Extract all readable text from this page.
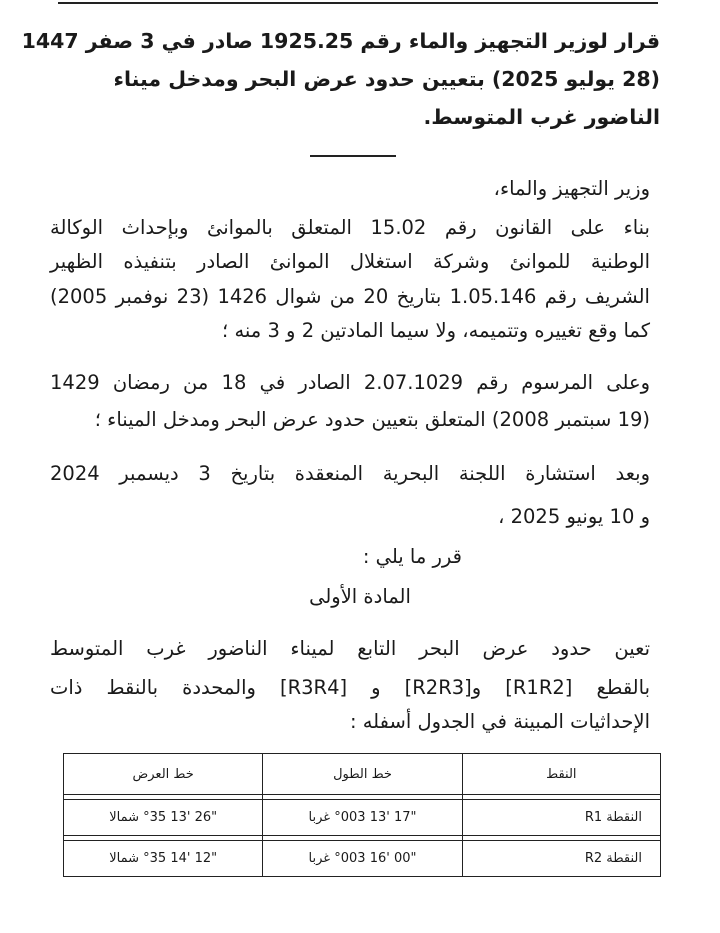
قرار لوزير التجهيز والماء رقم 1925.25 صادر في 3 صفر 1447
(28 يوليو 2025) بتعيين حدود عرض البحر ومدخل ميناء
الناضور غرب المتوسط.

وزير التجهيز والماء،

بناء على القانون رقم 15.02 المتعلق بالموانئ وبإحداث الوكالة

الوطنية للموانئ وشركة استغلال الموانئ الصادر بتنفيذه الظهير

الشريف رقم 1.05.146 بتاريخ 20 من شوال 1426 (23 نوفمبر 2005)

كما وقع تغييره وتتميمه، ولا سيما المادتين 2 و 3 منه ؛

وعلى المرسوم رقم 2.07.1029 الصادر في 18 من رمضان 1429

(19 سبتمبر 2008) المتعلق بتعيين حدود عرض البحر ومدخل الميناء ؛

وبعد استشارة اللجنة البحرية المنعقدة بتاريخ 3 ديسمبر 2024

و 10 يونيو 2025 ،

قرر ما يلي :

المادة الأولى

تعين حدود عرض البحر التابع لميناء الناضور غرب المتوسط

بالقطع [R1R2] و[R2R3] و [R3R4] والمحددة بالنقط ذات

الإحداثيات المبينة في الجدول أسفله :

النقط	خط الطول	خط العرض

النقطة R1	"17 '13 °003 غربا	"26 '13 °35 شمالا

النقطة R2	"00 '16 °003 غربا	"12 '14 °35 شمالا
